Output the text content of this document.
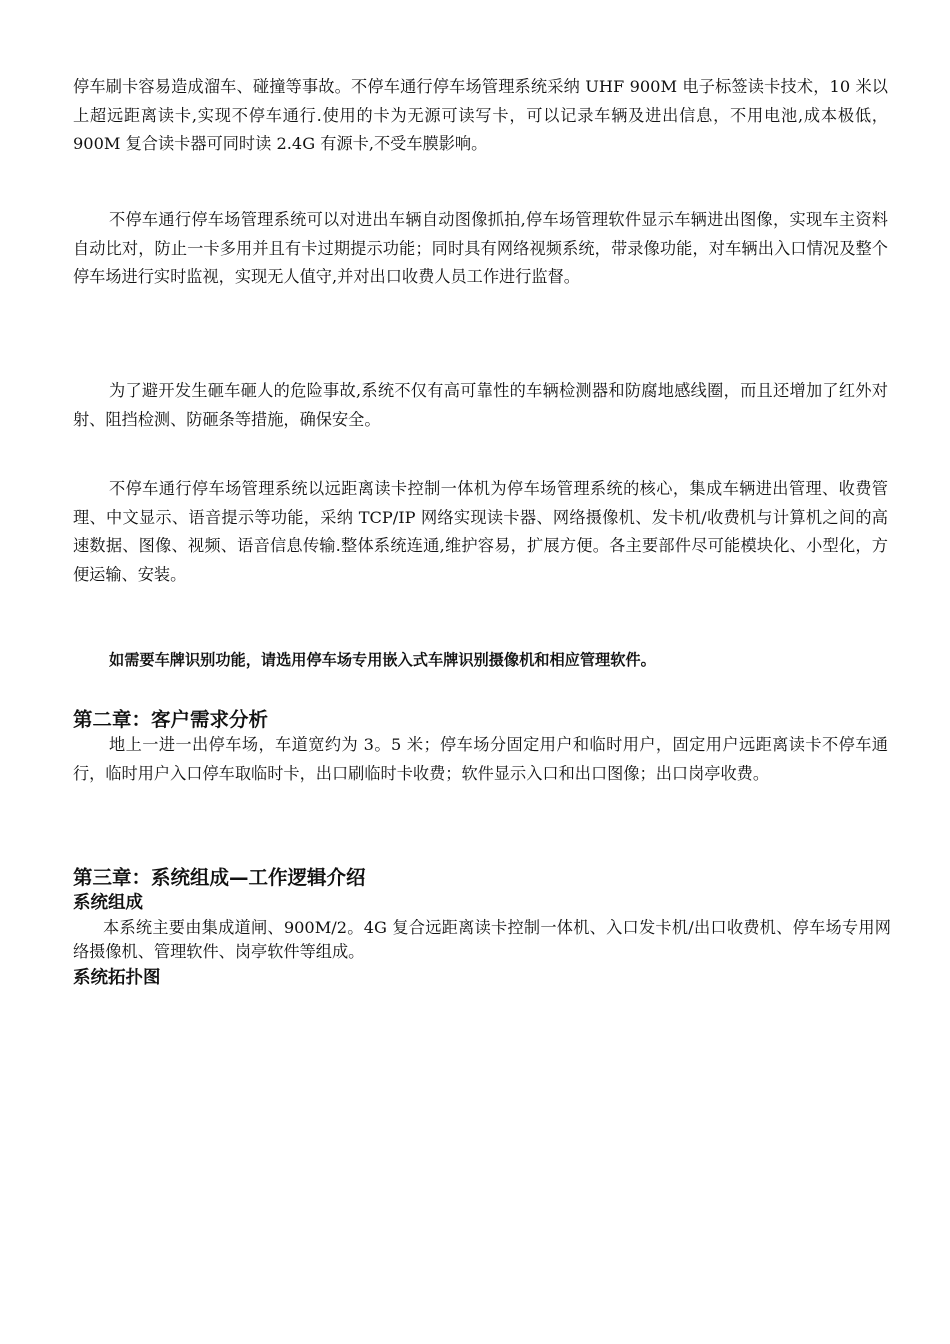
停车刷卡容易造成溜车、碰撞等事故。不停车通行停车场管理系统采纳 UHF 900M 电子标签读卡技术，10 米以上超远距离读卡,实现不停车通行.使用的卡为无源可读写卡，可以记录车辆及进出信息，不用电池,成本极低，900M 复合读卡器可同时读 2.4G 有源卡,不受车膜影响。

不停车通行停车场管理系统可以对进出车辆自动图像抓拍,停车场管理软件显示车辆进出图像，实现车主资料自动比对，防止一卡多用并且有卡过期提示功能；同时具有网络视频系统，带录像功能，对车辆出入口情况及整个停车场进行实时监视，实现无人值守,并对出口收费人员工作进行监督。

为了避开发生砸车砸人的危险事故,系统不仅有高可靠性的车辆检测器和防腐地感线圈，而且还增加了红外对射、阻挡检测、防砸条等措施，确保安全。

不停车通行停车场管理系统以远距离读卡控制一体机为停车场管理系统的核心，集成车辆进出管理、收费管理、中文显示、语音提示等功能，采纳 TCP/IP 网络实现读卡器、网络摄像机、发卡机/收费机与计算机之间的高速数据、图像、视频、语音信息传输.整体系统连通,维护容易，扩展方便。各主要部件尽可能模块化、小型化，方便运输、安装。

如需要车牌识别功能，请选用停车场专用嵌入式车牌识别摄像机和相应管理软件。

第二章：客户需求分析

地上一进一出停车场，车道宽约为 3。5 米；停车场分固定用户和临时用户，固定用户远距离读卡不停车通行，临时用户入口停车取临时卡，出口刷临时卡收费；软件显示入口和出口图像；出口岗亭收费。

第三章：系统组成—工作逻辑介绍
系统组成

本系统主要由集成道闸、900M/2。4G 复合远距离读卡控制一体机、入口发卡机/出口收费机、停车场专用网络摄像机、管理软件、岗亭软件等组成。

系统拓扑图
